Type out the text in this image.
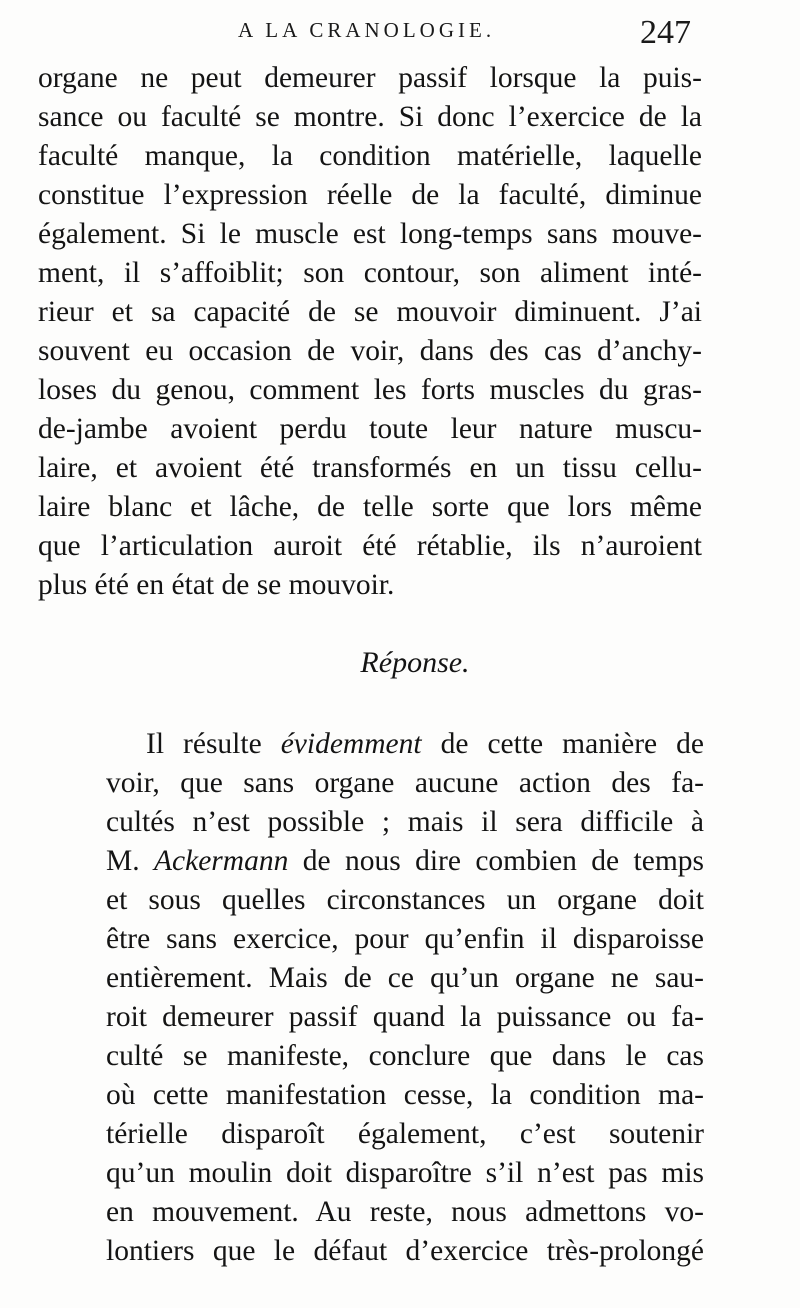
A LA CRANOLOGIE.	247
organe ne peut demeurer passif lorsque la puis-
sance ou faculté se montre. Si donc l’exercice de la
faculté manque, la condition matérielle, laquelle
constitue l’expression réelle de la faculté, diminue
également. Si le muscle est long-temps sans mouve-
ment, il s’affoiblit; son contour, son aliment inté-
rieur et sa capacité de se mouvoir diminuent. J’ai
souvent eu occasion de voir, dans des cas d’anchy-
loses du genou, comment les forts muscles du gras-
de-jambe avoient perdu toute leur nature muscu-
laire, et avoient été transformés en un tissu cellu-
laire blanc et lâche, de telle sorte que lors même
que l’articulation auroit été rétablie, ils n’auroient
plus été en état de se mouvoir.
Réponse.
Il résulte évidemment de cette manière de
voir, que sans organe aucune action des fa-
cultés n’est possible ; mais il sera difficile à
M. Ackermann de nous dire combien de temps
et sous quelles circonstances un organe doit
être sans exercice, pour qu’enfin il disparoisse
entièrement. Mais de ce qu’un organe ne sau-
roit demeurer passif quand la puissance ou fa-
culté se manifeste, conclure que dans le cas
où cette manifestation cesse, la condition ma-
térielle disparoît également, c’est soutenir
qu’un moulin doit disparoître s’il n’est pas mis
en mouvement. Au reste, nous admettons vo-
lontiers que le défaut d’exercice très-prolongé
